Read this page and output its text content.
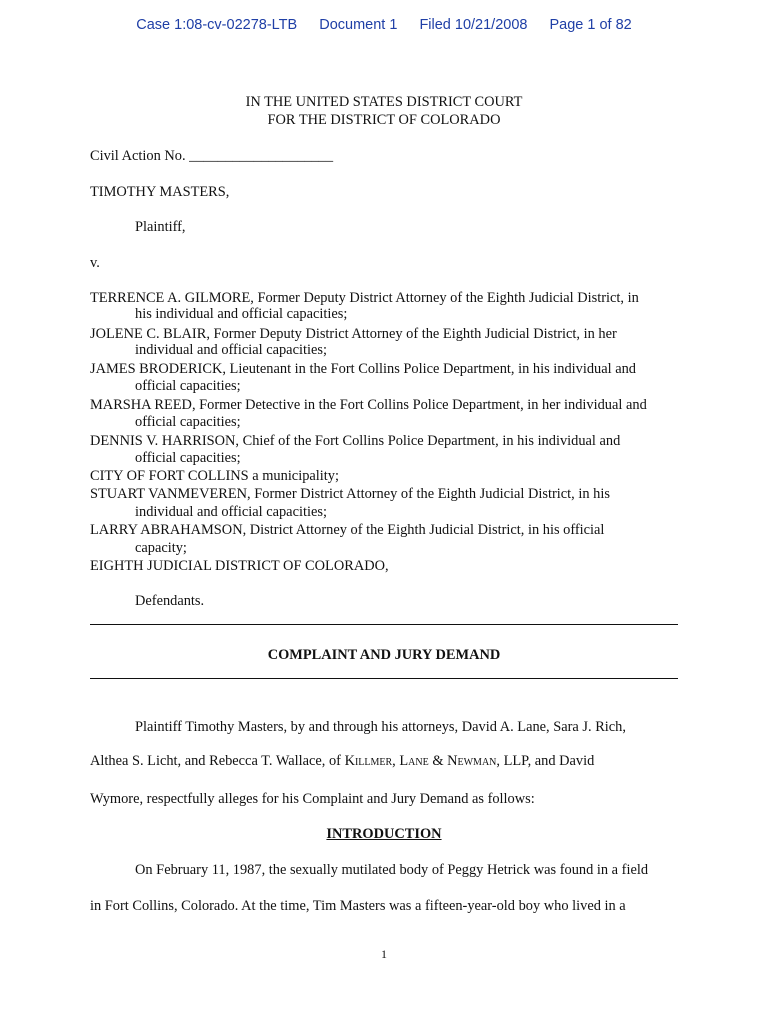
Case 1:08-cv-02278-LTB Document 1 Filed 10/21/2008 Page 1 of 82
IN THE UNITED STATES DISTRICT COURT
FOR THE DISTRICT OF COLORADO
Civil Action No. ____________________
TIMOTHY MASTERS,
Plaintiff,
v.
TERRENCE A. GILMORE, Former Deputy District Attorney of the Eighth Judicial District, in
his individual and official capacities;
JOLENE C. BLAIR, Former Deputy District Attorney of the Eighth Judicial District, in her
individual and official capacities;
JAMES BRODERICK, Lieutenant in the Fort Collins Police Department, in his individual and
official capacities;
MARSHA REED, Former Detective in the Fort Collins Police Department, in her individual and
official capacities;
DENNIS V. HARRISON, Chief of the Fort Collins Police Department, in his individual and
official capacities;
CITY OF FORT COLLINS a municipality;
STUART VANMEVEREN, Former District Attorney of the Eighth Judicial District, in his
individual and official capacities;
LARRY ABRAHAMSON, District Attorney of the Eighth Judicial District, in his official
capacity;
EIGHTH JUDICIAL DISTRICT OF COLORADO,
Defendants.
COMPLAINT AND JURY DEMAND
Plaintiff Timothy Masters, by and through his attorneys, David A. Lane, Sara J. Rich,
Althea S. Licht, and Rebecca T. Wallace, of Killmer, Lane & Newman, LLP, and David
Wymore, respectfully alleges for his Complaint and Jury Demand as follows:
INTRODUCTION
On February 11, 1987, the sexually mutilated body of Peggy Hetrick was found in a field
in Fort Collins, Colorado. At the time, Tim Masters was a fifteen-year-old boy who lived in a
1
